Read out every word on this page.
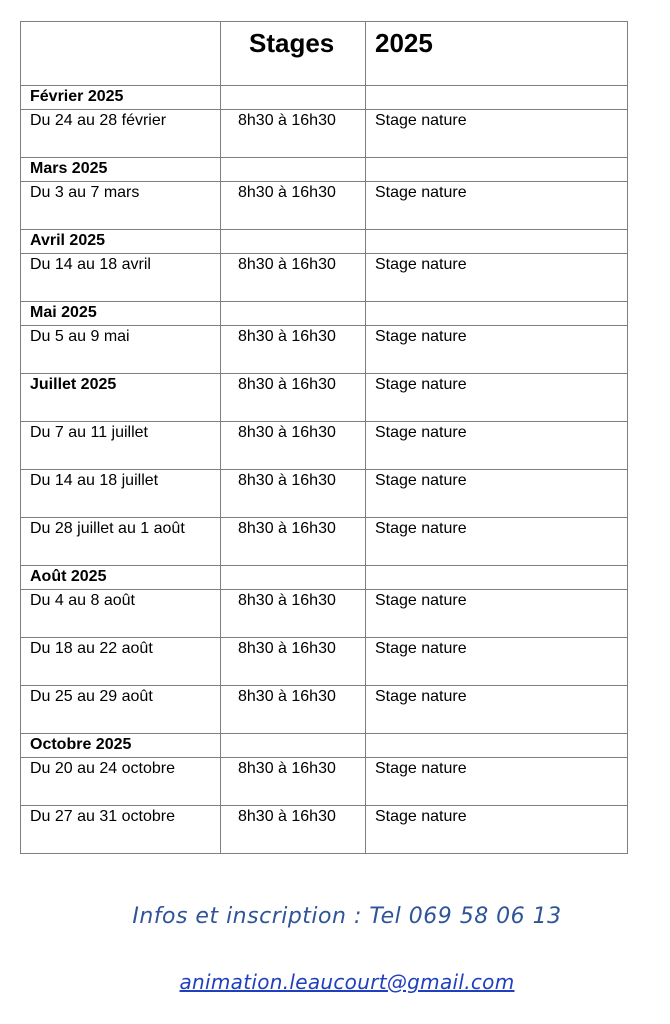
	Stages	2025
Février 2025		
Du 24 au 28 février	8h30 à 16h30	Stage nature
Mars 2025		
Du 3 au 7 mars	8h30 à 16h30	Stage nature
Avril 2025		
Du 14 au 18 avril	8h30 à 16h30	Stage nature
Mai 2025		
Du 5 au 9 mai	8h30 à 16h30	Stage nature
Juillet 2025	8h30 à 16h30	Stage nature
Du 7 au 11 juillet	8h30 à 16h30	Stage nature
Du 14 au 18 juillet	8h30 à 16h30	Stage nature
Du 28 juillet au 1 août	8h30 à 16h30	Stage nature
Août 2025		
Du 4 au 8 août	8h30 à 16h30	Stage nature
Du 18 au 22 août	8h30 à 16h30	Stage nature
Du 25 au 29 août	8h30 à 16h30	Stage nature
Octobre 2025		
Du 20 au 24 octobre	8h30 à 16h30	Stage nature
Du 27 au 31 octobre	8h30 à 16h30	Stage nature
Infos et inscription : Tel 069 58 06 13
animation.leaucourt@gmail.com
